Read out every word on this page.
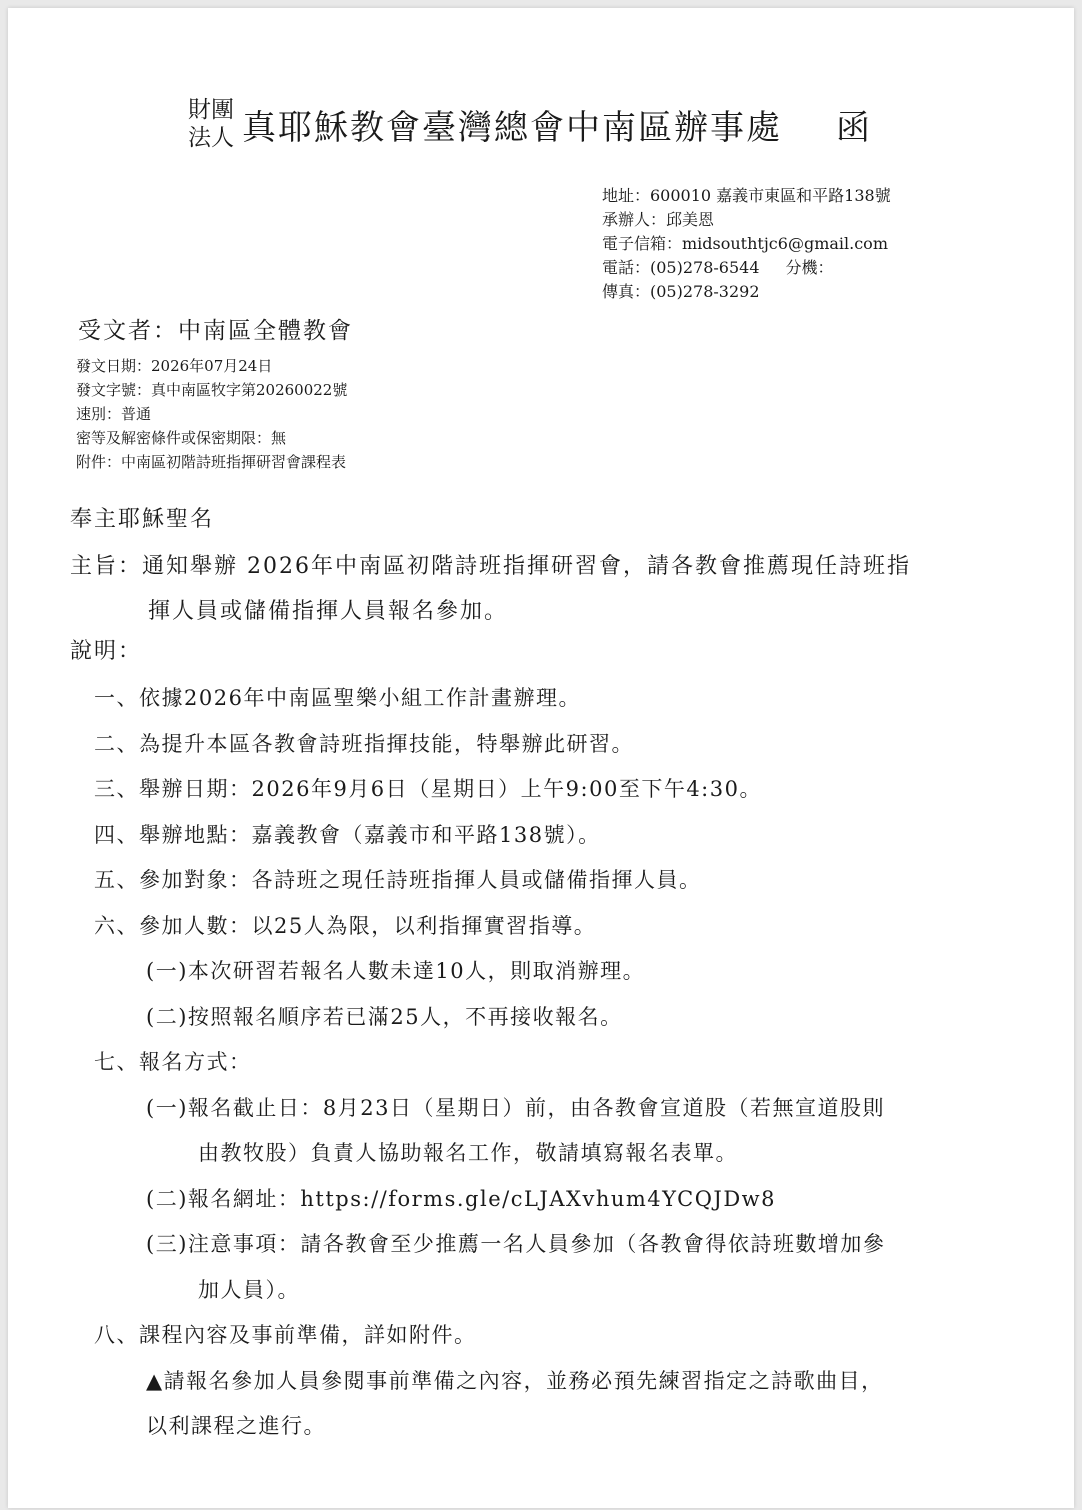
財團
法人 真耶穌教會臺灣總會中南區辦事處 函
地址：600010 嘉義市東區和平路138號
承辦人：邱美恩
電子信箱：midsouthtjc6@gmail.com
電話：(05)278-6544 分機：
傳真：(05)278-3292
受文者：中南區全體教會
發文日期：2026年07月24日
發文字號：真中南區牧字第20260022號
速別：普通
密等及解密條件或保密期限：無
附件：中南區初階詩班指揮研習會課程表
奉主耶穌聖名
主旨：通知舉辦 2026年中南區初階詩班指揮研習會，請各教會推薦現任詩班指
揮人員或儲備指揮人員報名參加。
說明：
一、依據2026年中南區聖樂小組工作計畫辦理。
二、為提升本區各教會詩班指揮技能，特舉辦此研習。
三、舉辦日期：2026年9月6日（星期日）上午9:00至下午4:30。
四、舉辦地點：嘉義教會（嘉義市和平路138號）。
五、參加對象：各詩班之現任詩班指揮人員或儲備指揮人員。
六、參加人數：以25人為限，以利指揮實習指導。
(一)本次研習若報名人數未達10人，則取消辦理。
(二)按照報名順序若已滿25人，不再接收報名。
七、報名方式：
(一)報名截止日：8月23日（星期日）前，由各教會宣道股（若無宣道股則
由教牧股）負責人協助報名工作，敬請填寫報名表單。
(二)報名網址：https://forms.gle/cLJAXvhum4YCQJDw8
(三)注意事項：請各教會至少推薦一名人員參加（各教會得依詩班數增加參
加人員）。
八、課程內容及事前準備，詳如附件。
▲請報名參加人員參閱事前準備之內容，並務必預先練習指定之詩歌曲目，
以利課程之進行。
